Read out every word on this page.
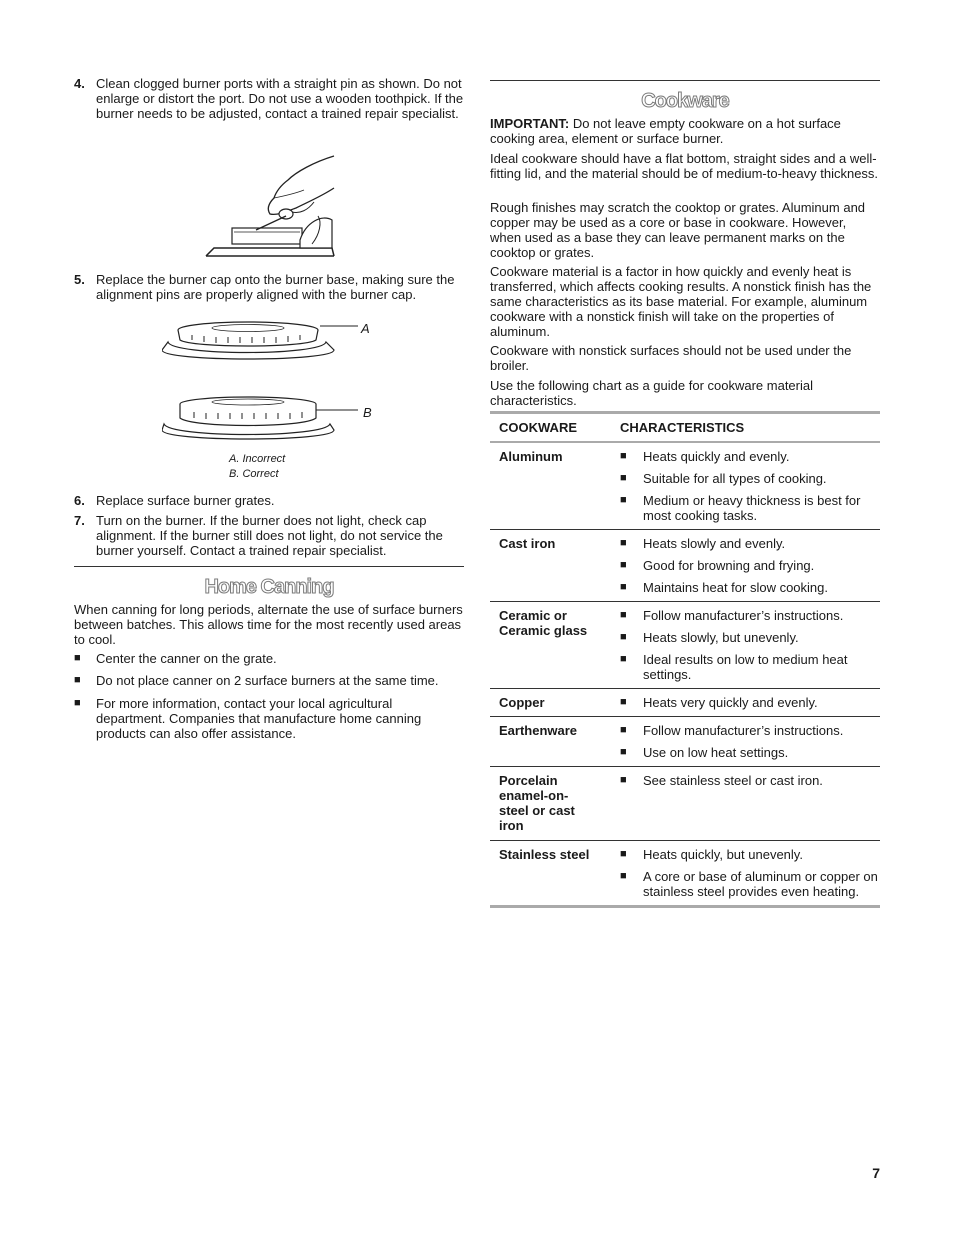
4. Clean clogged burner ports with a straight pin as shown. Do not enlarge or distort the port. Do not use a wooden toothpick. If the burner needs to be adjusted, contact a trained repair specialist.
5. Replace the burner cap onto the burner base, making sure the alignment pins are properly aligned with the burner cap.
A
B
A. Incorrect
B. Correct
6. Replace surface burner grates.
7. Turn on the burner. If the burner does not light, check cap alignment. If the burner still does not light, do not service the burner yourself. Contact a trained repair specialist.
Home Canning
When canning for long periods, alternate the use of surface burners between batches. This allows time for the most recently used areas to cool.
■	Center the canner on the grate.
■	Do not place canner on 2 surface burners at the same time.
■	For more information, contact your local agricultural department. Companies that manufacture home canning products can also offer assistance.
Cookware
IMPORTANT: Do not leave empty cookware on a hot surface cooking area, element or surface burner.
Ideal cookware should have a flat bottom, straight sides and a well-fitting lid, and the material should be of medium-to-heavy thickness.
Rough finishes may scratch the cooktop or grates. Aluminum and copper may be used as a core or base in cookware. However, when used as a base they can leave permanent marks on the cooktop or grates.
Cookware material is a factor in how quickly and evenly heat is transferred, which affects cooking results. A nonstick finish has the same characteristics as its base material. For example, aluminum cookware with a nonstick finish will take on the properties of aluminum.
Cookware with nonstick surfaces should not be used under the broiler.
Use the following chart as a guide for cookware material characteristics.
COOKWARE	CHARACTERISTICS
Aluminum	■	Heats quickly and evenly.
■	Suitable for all types of cooking.
■	Medium or heavy thickness is best for most cooking tasks.
Cast iron	■	Heats slowly and evenly.
■	Good for browning and frying.
■	Maintains heat for slow cooking.
Ceramic or Ceramic glass
■	Follow manufacturer’s instructions.
■	Heats slowly, but unevenly.
■	Ideal results on low to medium heat settings.
Copper	■	Heats very quickly and evenly.
Earthenware	■	Follow manufacturer’s instructions.
■	Use on low heat settings.
Porcelain enamel-on-steel or cast iron
■	See stainless steel or cast iron.
Stainless steel	■	Heats quickly, but unevenly.
■	A core or base of aluminum or copper on stainless steel provides even heating.
7
